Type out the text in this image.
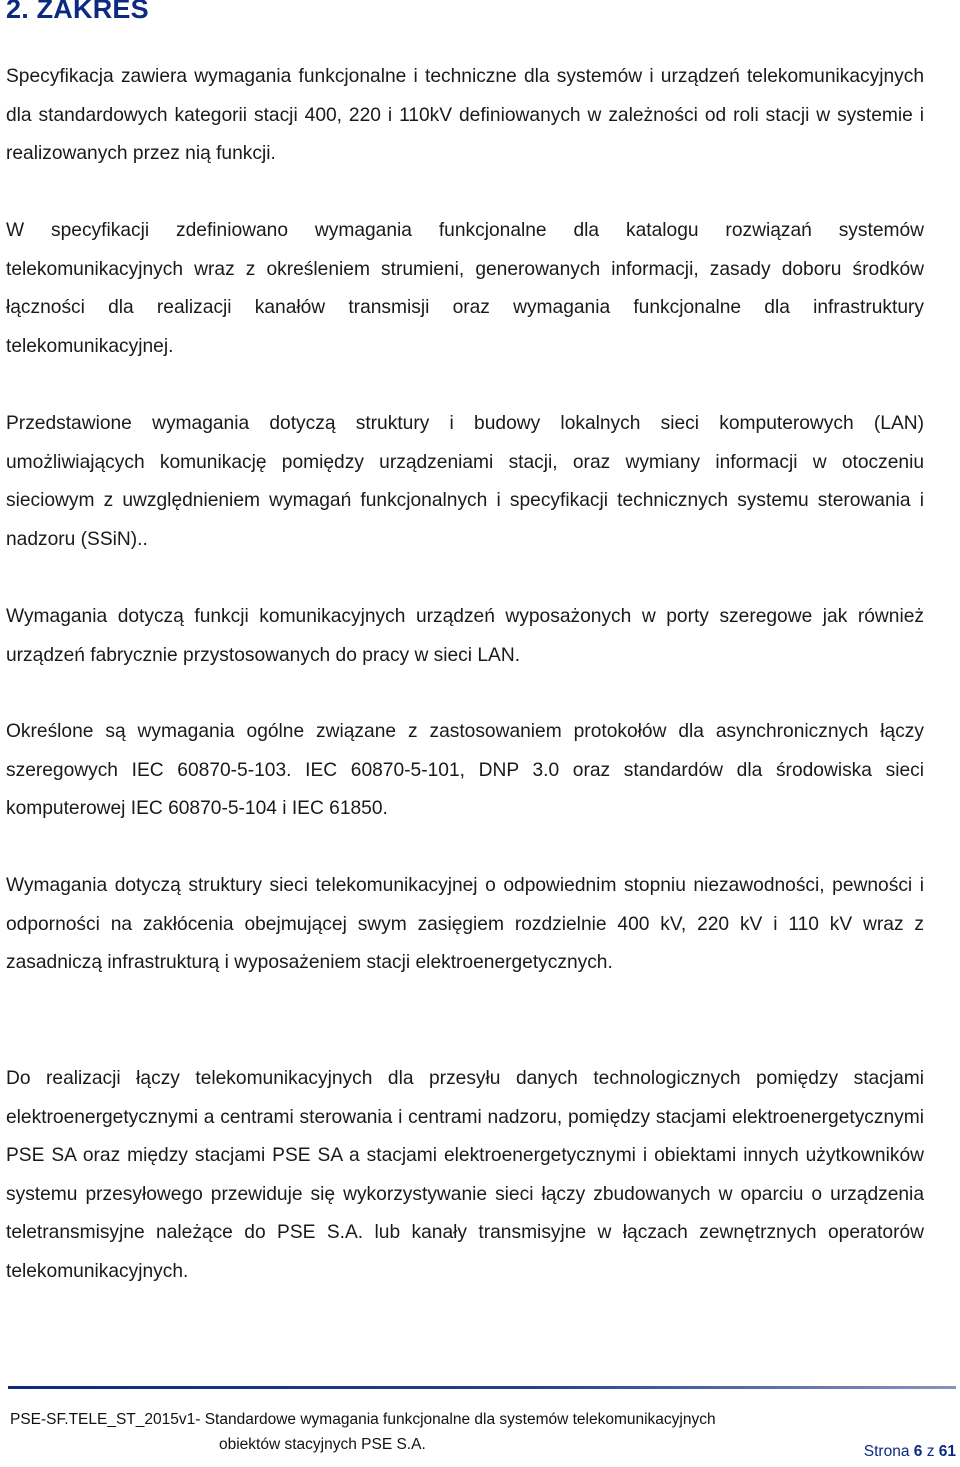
2. ZAKRES

Specyfikacja zawiera wymagania funkcjonalne i techniczne dla systemów i urządzeń telekomunikacyjnych dla standardowych kategorii stacji 400, 220 i 110kV definiowanych w zależności od roli stacji w systemie i realizowanych przez nią funkcji.

W specyfikacji zdefiniowano wymagania funkcjonalne dla katalogu rozwiązań systemów telekomunikacyjnych wraz z określeniem strumieni, generowanych informacji, zasady doboru środków łączności dla realizacji kanałów transmisji oraz wymagania funkcjonalne dla infrastruktury telekomunikacyjnej.

Przedstawione wymagania dotyczą struktury i budowy lokalnych sieci komputerowych (LAN) umożliwiających komunikację pomiędzy urządzeniami stacji, oraz wymiany informacji w otoczeniu sieciowym z uwzględnieniem wymagań funkcjonalnych i specyfikacji technicznych systemu sterowania i nadzoru (SSiN)..

Wymagania dotyczą funkcji komunikacyjnych urządzeń wyposażonych w porty szeregowe jak również urządzeń fabrycznie przystosowanych do pracy w sieci LAN.

Określone są wymagania ogólne związane z zastosowaniem protokołów dla asynchronicznych łączy szeregowych IEC 60870-5-103. IEC 60870-5-101, DNP 3.0 oraz standardów dla środowiska sieci komputerowej IEC 60870-5-104 i IEC 61850.

Wymagania dotyczą struktury sieci telekomunikacyjnej o odpowiednim stopniu niezawodności, pewności i odporności na zakłócenia obejmującej swym zasięgiem rozdzielnie 400 kV, 220 kV i 110 kV wraz z zasadniczą infrastrukturą i wyposażeniem stacji elektroenergetycznych.

Do realizacji łączy telekomunikacyjnych dla przesyłu danych technologicznych pomiędzy stacjami elektroenergetycznymi a centrami sterowania i centrami nadzoru, pomiędzy stacjami elektroenergetycznymi PSE SA oraz między stacjami PSE SA a stacjami elektroenergetycznymi i obiektami innych użytkowników systemu przesyłowego przewiduje się wykorzystywanie sieci łączy zbudowanych w oparciu o urządzenia teletransmisyjne należące do PSE S.A. lub kanały transmisyjne w łączach zewnętrznych operatorów telekomunikacyjnych.

PSE-SF.TELE_ST_2015v1- Standardowe wymagania funkcjonalne dla systemów telekomunikacyjnych
obiektów stacyjnych PSE S.A.	Strona 6 z 61
